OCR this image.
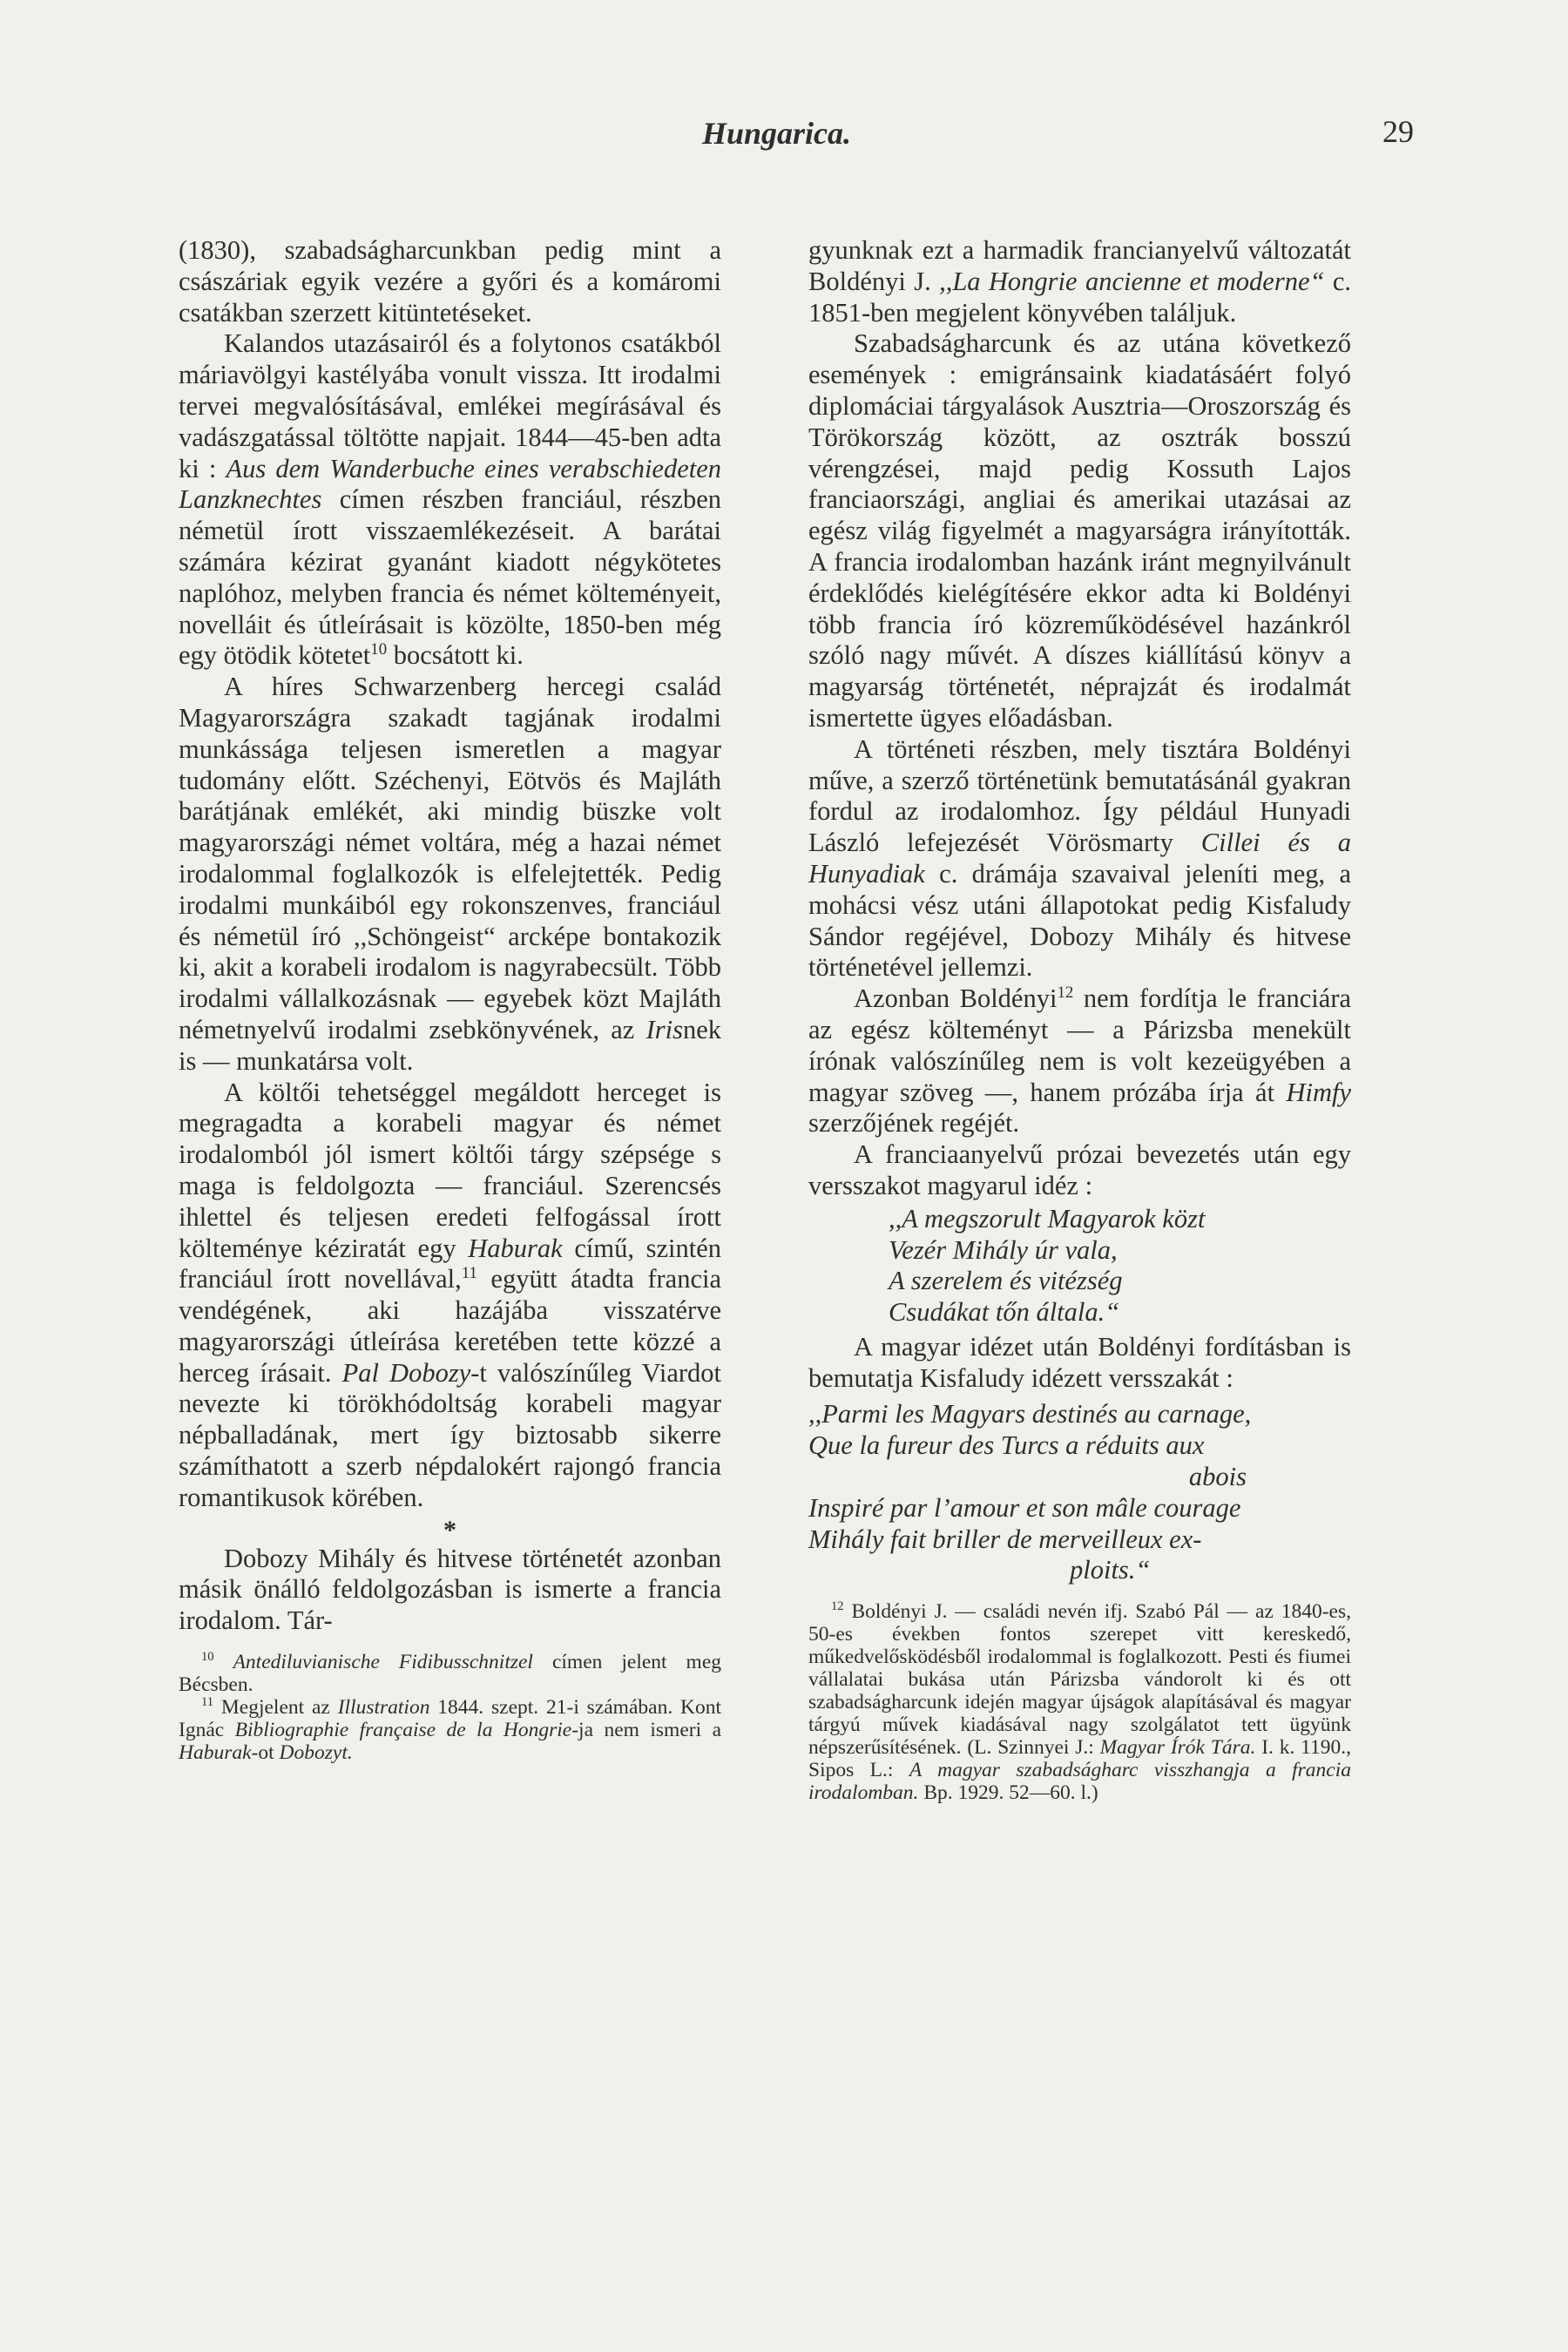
Hungarica.	29

(1830), szabadságharcunkban pedig mint a császáriak egyik vezére a győri és a komáromi csatákban szerzett kitüntetéseket.

Kalandos utazásairól és a folytonos csatákból máriavölgyi kastélyába vonult vissza. Itt irodalmi tervei megvalósításával, emlékei megírásával és vadászgatással töltötte napjait. 1844—45-ben adta ki : Aus dem Wanderbuche eines verabschiedeten Lanzknechtes címen részben franciául, részben németül írott visszaemlékezéseit. A barátai számára kézirat gyanánt kiadott négykötetes naplóhoz, melyben francia és német költeményeit, novelláit és útleírásait is közölte, 1850-ben még egy ötödik kötetet$^{10}$ bocsátott ki.

A híres Schwarzenberg hercegi család Magyarországra szakadt tagjának irodalmi munkássága teljesen ismeretlen a magyar tudomány előtt. Széchenyi, Eötvös és Majláth barátjának emlékét, aki mindig büszke volt magyarországi német voltára, még a hazai német irodalommal foglalkozók is elfelejtették. Pedig irodalmi munkáiból egy rokonszenves, franciául és németül író ,,Schöngeist“ arcképe bontakozik ki, akit a korabeli irodalom is nagyrabecsült. Több irodalmi vállalkozásnak — egyebek közt Majláth németnyelvű irodalmi zsebkönyvének, az Irisnek is — munkatársa volt.

A költői tehetséggel megáldott herceget is megragadta a korabeli magyar és német irodalomból jól ismert költői tárgy szépsége s maga is feldolgozta — franciául. Szerencsés ihlettel és teljesen eredeti felfogással írott költeménye kéziratát egy Haburak című, szintén franciául írott novellával,$^{11}$ együtt átadta francia vendégének, aki hazájába visszatérve magyarországi útleírása keretében tette közzé a herceg írásait. Pal Dobozy-t valószínűleg Viardot nevezte ki törökhódoltság korabeli magyar népballadának, mert így biztosabb sikerre számíthatott a szerb népdalokért rajongó francia romantikusok körében.

*

Dobozy Mihály és hitvese történetét azonban másik önálló feldolgozásban is ismerte a francia irodalom. Tár-

$^{10}$ Antediluvianische Fidibusschnitzel címen jelent meg Bécsben.

$^{11}$ Megjelent az Illustration 1844. szept. 21-i számában. Kont Ignác Bibliographie française de la Hongrie-ja nem ismeri a Haburak-ot Dobozyt.

gyunknak ezt a harmadik francianyelvű változatát Boldényi J. ,,La Hongrie ancienne et moderne“ c. 1851-ben megjelent könyvében találjuk.

Szabadságharcunk és az utána következő események : emigránsaink kiadatásáért folyó diplomáciai tárgyalások Ausztria—Oroszország és Törökország között, az osztrák bosszú vérengzései, majd pedig Kossuth Lajos franciaországi, angliai és amerikai utazásai az egész világ figyelmét a magyarságra irányították. A francia irodalomban hazánk iránt megnyilvánult érdeklődés kielégítésére ekkor adta ki Boldényi több francia író közreműködésével hazánkról szóló nagy művét. A díszes kiállítású könyv a magyarság történetét, néprajzát és irodalmát ismertette ügyes előadásban.

A történeti részben, mely tisztára Boldényi műve, a szerző történetünk bemutatásánál gyakran fordul az irodalomhoz. Így például Hunyadi László lefejezését Vörösmarty Cillei és a Hunyadiak c. drámája szavaival jeleníti meg, a mohácsi vész utáni állapotokat pedig Kisfaludy Sándor regéjével, Dobozy Mihály és hitvese történetével jellemzi.

Azonban Boldényi$^{12}$ nem fordítja le franciára az egész költeményt — a Párizsba menekült írónak valószínűleg nem is volt kezeügyében a magyar szöveg —, hanem prózába írja át Himfy szerzőjének regéjét.

A franciaanyelvű prózai bevezetés után egy versszakot magyarul idéz :

,,A megszorult Magyarok közt
Vezér Mihály úr vala,
A szerelem és vitézség
Csudákat tőn általa.“

A magyar idézet után Boldényi fordításban is bemutatja Kisfaludy idézett versszakát :

,,Parmi les Magyars destinés au carnage,
Que la fureur des Turcs a réduits aux
abois
Inspiré par l’amour et son mâle courage
Mihály fait briller de merveilleux ex-
ploits.“

$^{12}$ Boldényi J. — családi nevén ifj. Szabó Pál — az 1840-es, 50-es években fontos szerepet vitt kereskedő, műkedvelősködésből irodalommal is foglalkozott. Pesti és fiumei vállalatai bukása után Párizsba vándorolt ki és ott szabadságharcunk idején magyar újságok alapításával és magyar tárgyú művek kiadásával nagy szolgálatot tett ügyünk népszerűsítésének. (L. Szinnyei J.: Magyar Írók Tára. I. k. 1190., Sipos L.: A magyar szabadságharc visszhangja a francia irodalomban. Bp. 1929. 52—60. l.)
